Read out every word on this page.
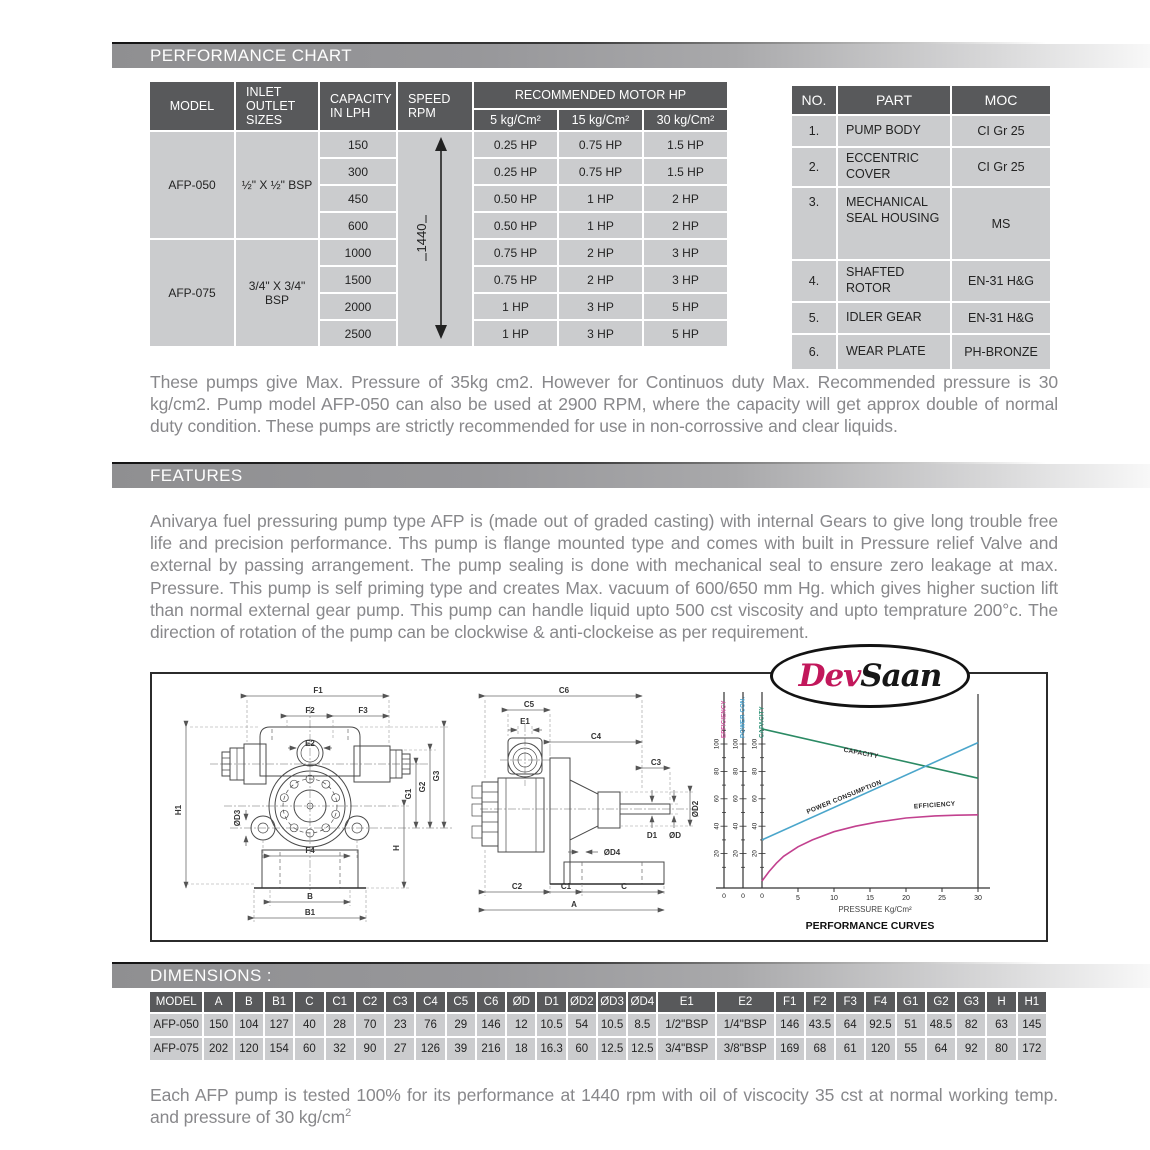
PERFORMANCE CHART
FEATURES
DIMENSIONS :
MODEL	INLET OUTLET SIZES	CAPACITY IN LPH	SPEED RPM	RECOMMENDED MOTOR HP		
				5 kg/Cm²	15 kg/Cm²	30 kg/Cm²
AFP-050	½" X ½" BSP	150	1440	0.25 HP	0.75 HP	1.5 HP
		300		0.25 HP	0.75 HP	1.5 HP
		450		0.50 HP	1 HP	2 HP
		600		0.50 HP	1 HP	2 HP
AFP-075	3/4" X 3/4" BSP	1000		0.75 HP	2 HP	3 HP
		1500		0.75 HP	2 HP	3 HP
		2000		1 HP	3 HP	5 HP
		2500		1 HP	3 HP	5 HP
NO.	PART	MOC
1.	PUMP BODY	CI Gr 25
2.	ECCENTRIC COVER	CI Gr 25
3.	MECHANICAL SEAL HOUSING	MS
4.	SHAFTED ROTOR	EN-31 H&G
5.	IDLER GEAR	EN-31 H&G
6.	WEAR PLATE	PH-BRONZE

These pumps give Max. Pressure of 35kg cm2. However for Continuos duty Max. Recommended pressure is 30 kg/cm2. Pump model AFP-050 can also be used at 2900 RPM, where the capacity will get approx double of normal duty condition. These pumps are strictly recommended for use in non-corrossive and clear liquids.

Anivarya fuel pressuring pump type AFP is (made out of graded casting) with internal Gears to give long trouble free life and precision performance. Ths pump is flange mounted type and comes with built in Pressure relief Valve and external by passing arrangement. The pump sealing is done with mechanical seal to ensure zero leakage at max. Pressure. This pump is self priming type and creates Max. vacuum of 600/650 mm Hg. which gives higher suction lift than normal external gear pump. This pump can handle liquid upto 500 cst viscosity and upto temprature 200°c. The direction of rotation of the pump can be clockwise & anti-clockeise as per requirement.

Dev Saan
F1
F2	F3
E2
H1	ØD3
G1
G2
G3
H
F4
B
B1
C6
C5
E1
C4
C3
ØD2
D1 ØD
ØD4
C2	C1	C
A
20
40
60
80
100
0
EFFICIENCY
20
40
60
80
100
0
POWER CON.
20
40
60
80
100
0
CAPACITY
5	10	15	20	25	30
CAPACITY
POWER CONSUMPTION	EFFICIENCY
PRESSURE Kg/Cm²
PERFORMANCE CURVES
MODEL	A	B	B1	C	C1	C2	C3	C4	C5	C6	ØD	D1	ØD2	ØD3	ØD4	E1	E2	F1	F2	F3	F4	G1	G2	G3	H	H1
AFP-050	150	104	127	40	28	70	23	76	29	146	12	10.5	54	10.5	8.5	1/2"BSP	1/4"BSP	146	43.5	64	92.5	51	48.5	82	63	145
AFP-075	202	120	154	60	32	90	27	126	39	216	18	16.3	60	12.5	12.5	3/4"BSP	3/8"BSP	169	68	61	120	55	64	92	80	172

Each AFP pump is tested 100% for its performance at 1440 rpm with oil of viscocity 35 cst at normal working temp. and pressure of 30 $kg/cm^2$
